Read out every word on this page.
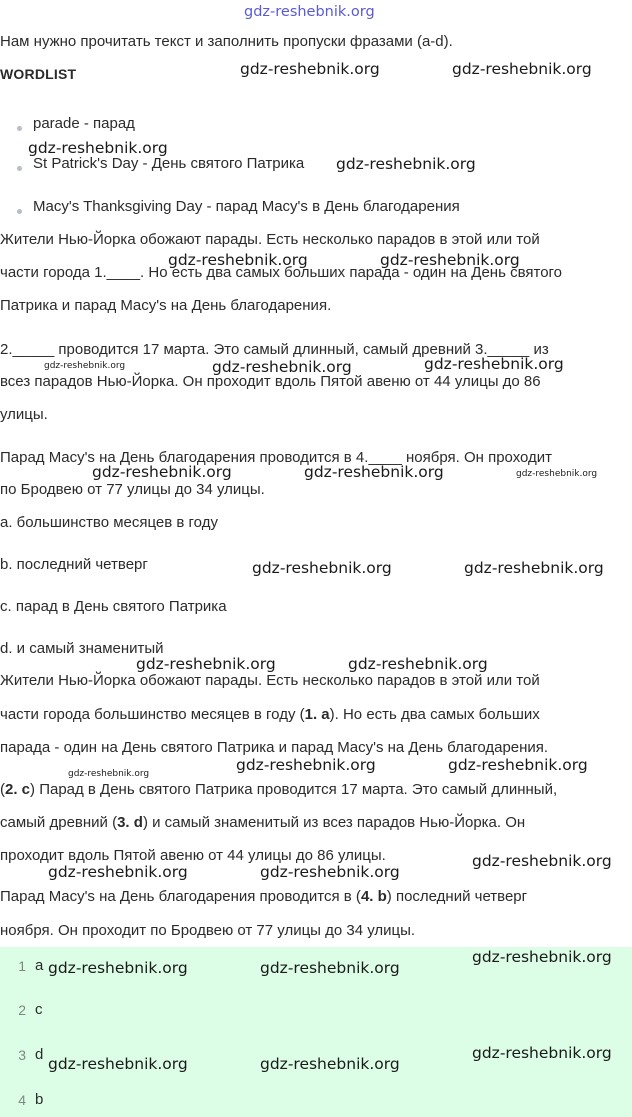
gdz-reshebnik.org
Нам нужно прочитать текст и заполнить пропуски фразами (a-d).
WORDLIST
parade - парад
St Patrick's Day - День святого Патрика
Macy's Thanksgiving Day - парад Macy's в День благодарения
Жители Нью-Йорка обожают парады. Есть несколько парадов в этой или той
части города 1.____. Но есть два самых больших парада - один на День святого
Патрика и парад Macy's на День благодарения.
2._____ проводится 17 марта. Это самый длинный, самый древний 3._____ из
всез парадов Нью-Йорка. Он проходит вдоль Пятой авеню от 44 улицы до 86
улицы.
Парад Macy's на День благодарения проводится в 4.____ ноября. Он проходит
по Бродвею от 77 улицы до 34 улицы.
a. большинство месяцев в году
b. последний четверг
c. парад в День святого Патрика
d. и самый знаменитый
Жители Нью-Йорка обожают парады. Есть несколько парадов в этой или той
части города большинство месяцев в году (1. a). Но есть два самых больших
парада - один на День святого Патрика и парад Macy's на День благодарения.
(2. c) Парад в День святого Патрика проводится 17 марта. Это самый длинный,
самый древний (3. d) и самый знаменитый из всез парадов Нью-Йорка. Он
проходит вдоль Пятой авеню от 44 улицы до 86 улицы.
Парад Macy's на День благодарения проводится в (4. b) последний четверг
ноября. Он проходит по Бродвею от 77 улицы до 34 улицы.
1 a
2 c
3 d
4 b
gdz-reshebnik.org	gdz-reshebnik.org
gdz-reshebnik.org
gdz-reshebnik.org
gdz-reshebnik.org	gdz-reshebnik.org
gdz-reshebnik.org	gdz-reshebnik.org	gdz-reshebnik.org
gdz-reshebnik.org	gdz-reshebnik.org	gdz-reshebnik.org
gdz-reshebnik.org	gdz-reshebnik.org
gdz-reshebnik.org	gdz-reshebnik.org
gdz-reshebnik.org	gdz-reshebnik.org	gdz-reshebnik.org
gdz-reshebnik.org
gdz-reshebnik.org	gdz-reshebnik.org
gdz-reshebnik.org
gdz-reshebnik.org	gdz-reshebnik.org
gdz-reshebnik.org
gdz-reshebnik.org	gdz-reshebnik.org
